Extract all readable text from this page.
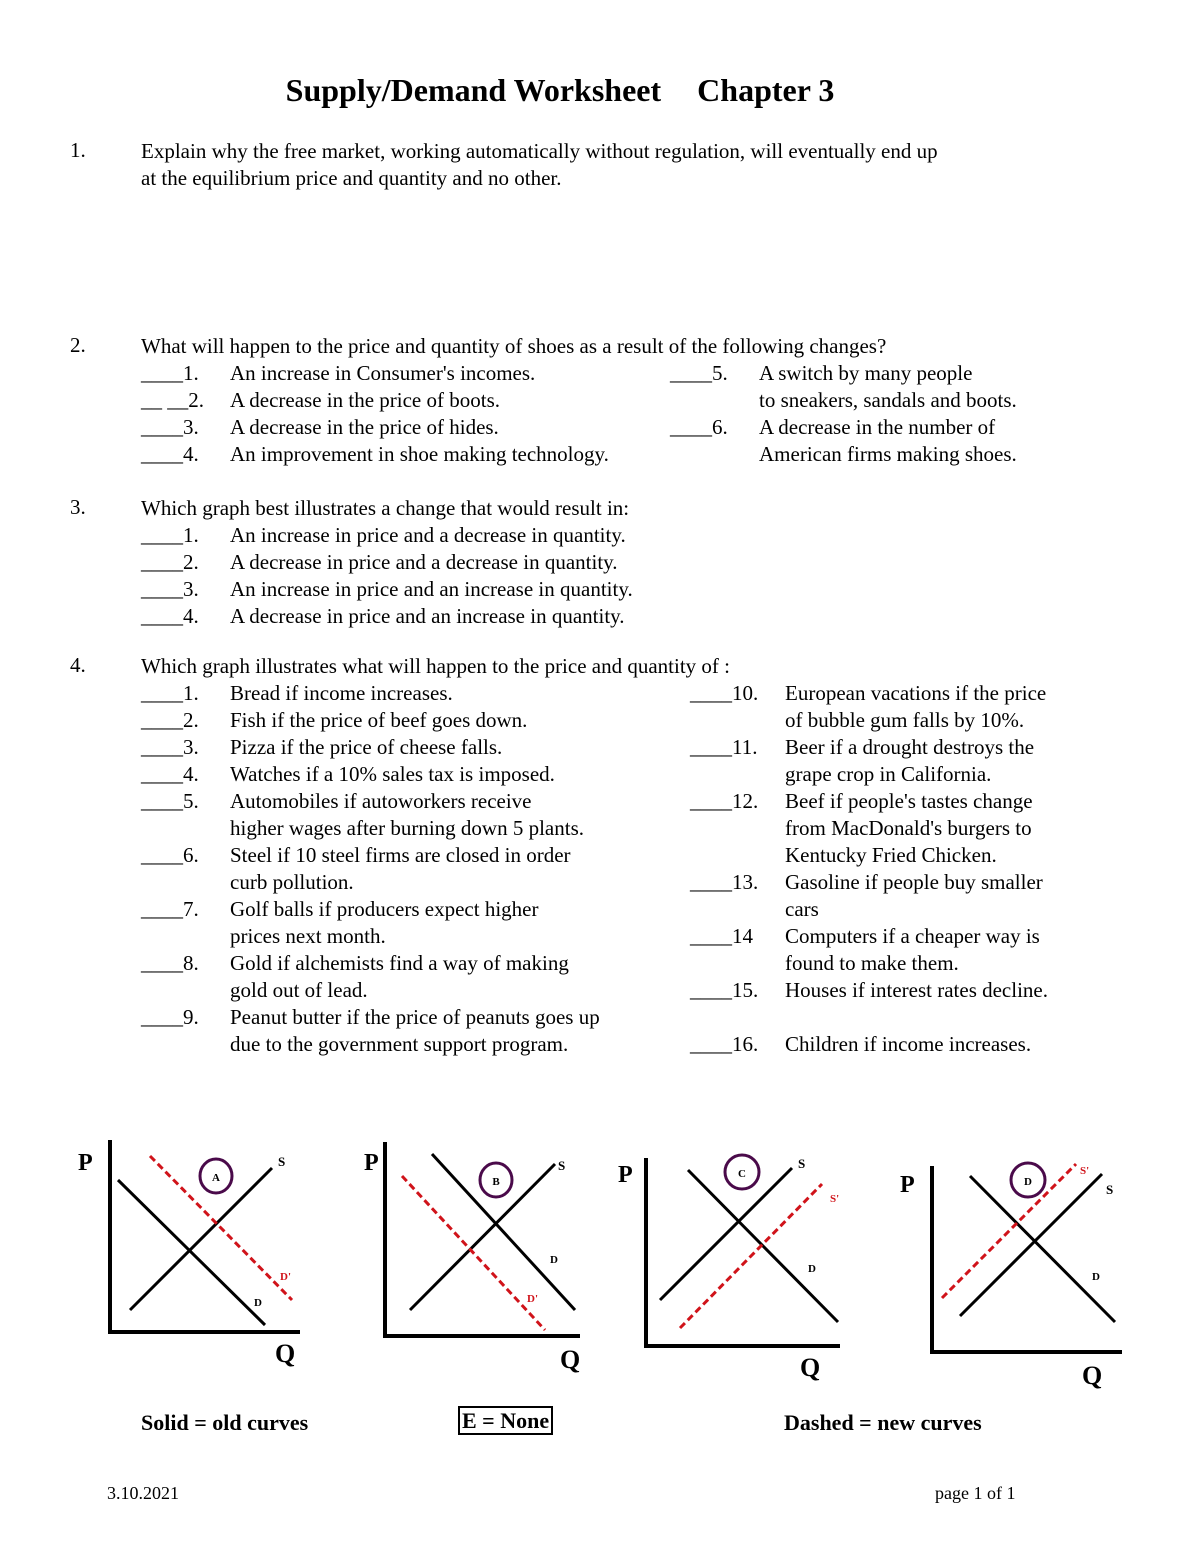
Supply/Demand Worksheet Chapter 3
1.	Explain why the free market, working automatically without regulation, will eventually end up
at the equilibrium price and quantity and no other.
2.	What will happen to the price and quantity of shoes as a result of the following changes?
____1. An increase in Consumer's incomes.
__ __2. A decrease in the price of boots.
____3. A decrease in the price of hides.
____4. An improvement in shoe making technology.
____5. A switch by many people
to sneakers, sandals and boots.
____6. A decrease in the number of
American firms making shoes.
3.	Which graph best illustrates a change that would result in:
____1. An increase in price and a decrease in quantity.
____2. A decrease in price and a decrease in quantity.
____3. An increase in price and an increase in quantity.
____4. A decrease in price and an increase in quantity.
4.	Which graph illustrates what will happen to the price and quantity of :
____1. Bread if income increases.
____2. Fish if the price of beef goes down.
____3. Pizza if the price of cheese falls.
____4. Watches if a 10% sales tax is imposed.
____5. Automobiles if autoworkers receive
higher wages after burning down 5 plants.
____6. Steel if 10 steel firms are closed in order
curb pollution.
____7. Golf balls if producers expect higher
prices next month.
____8. Gold if alchemists find a way of making
gold out of lead.
____9. Peanut butter if the price of peanuts goes up
due to the government support program.
____10. European vacations if the price
of bubble gum falls by 10%.
____11. Beer if a drought destroys the
grape crop in California.
____12. Beef if people's tastes change
from MacDonald's burgers to
Kentucky Fried Chicken.
____13. Gasoline if people buy smaller
cars
____14 Computers if a cheaper way is
found to make them.
____15. Houses if interest rates decline.
____16. Children if income increases.
P
A
S
D
D'
Q
P
B
S
D
D'
Q
P	C
S
D
S'
Q
P	D	S
D
S'
Q
Solid = old curves	E = None	Dashed = new curves
3.10.2021	page 1 of 1
